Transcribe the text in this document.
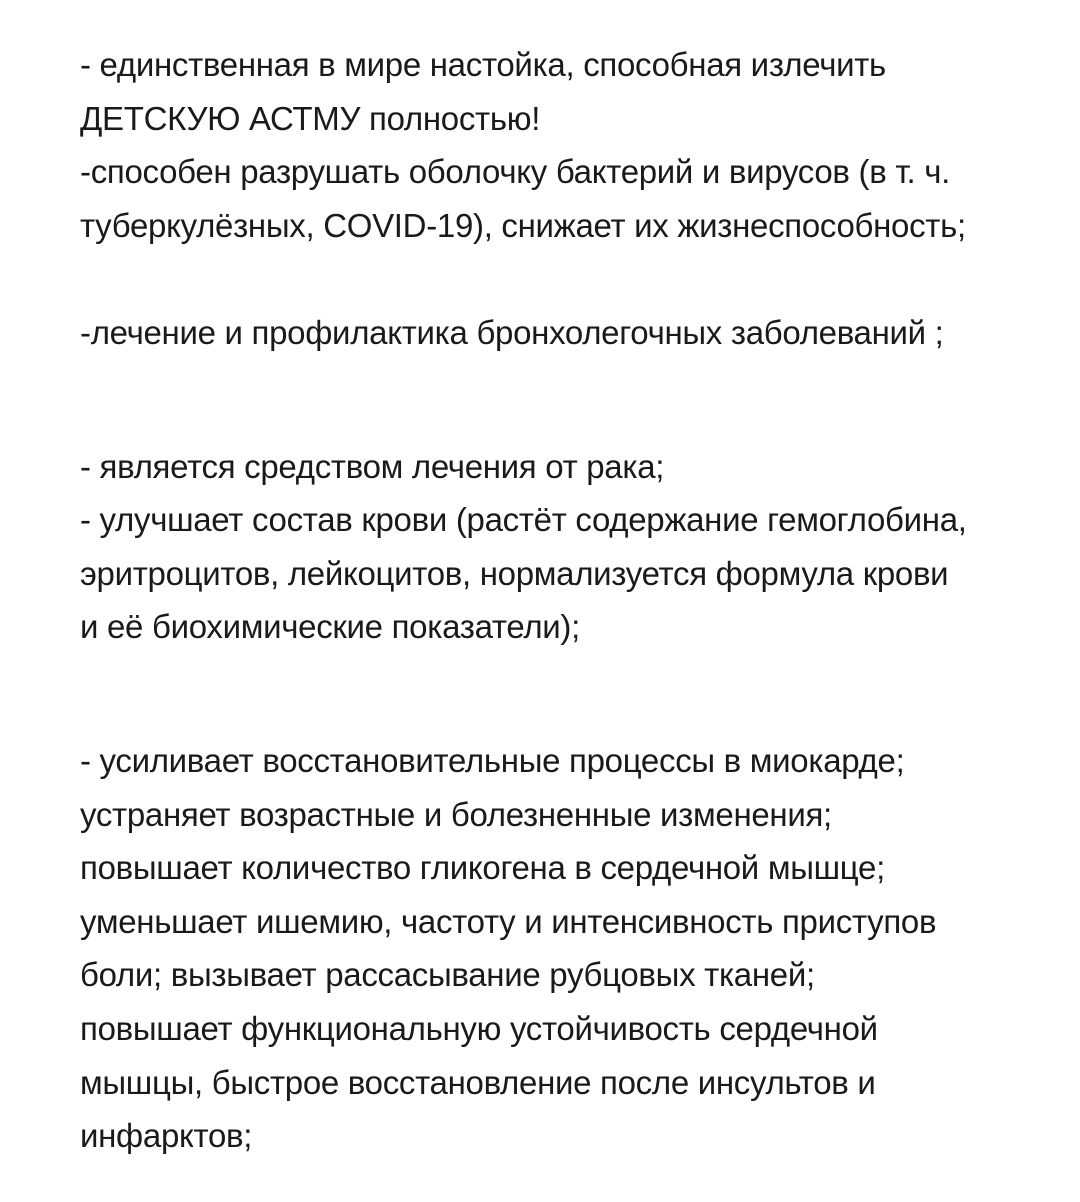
- единственная в мире настойка, способная излечить
ДЕТСКУЮ АСТМУ полностью!
-способен разрушать оболочку бактерий и вирусов (в т. ч.
туберкулёзных, COVID-19), снижает их жизнеспособность;
-лечение и профилактика бронхолегочных заболеваний ;
- является средством лечения от рака;
- улучшает состав крови (растёт содержание гемоглобина,
эритроцитов, лейкоцитов, нормализуется формула крови
и её биохимические показатели);
- усиливает восстановительные процессы в миокарде;
устраняет возрастные и болезненные изменения;
повышает количество гликогена в сердечной мышце;
уменьшает ишемию, частоту и интенсивность приступов
боли; вызывает рассасывание рубцовых тканей;
повышает функциональную устойчивость сердечной
мышцы, быстрое восстановление после инсультов и
инфарктов;
